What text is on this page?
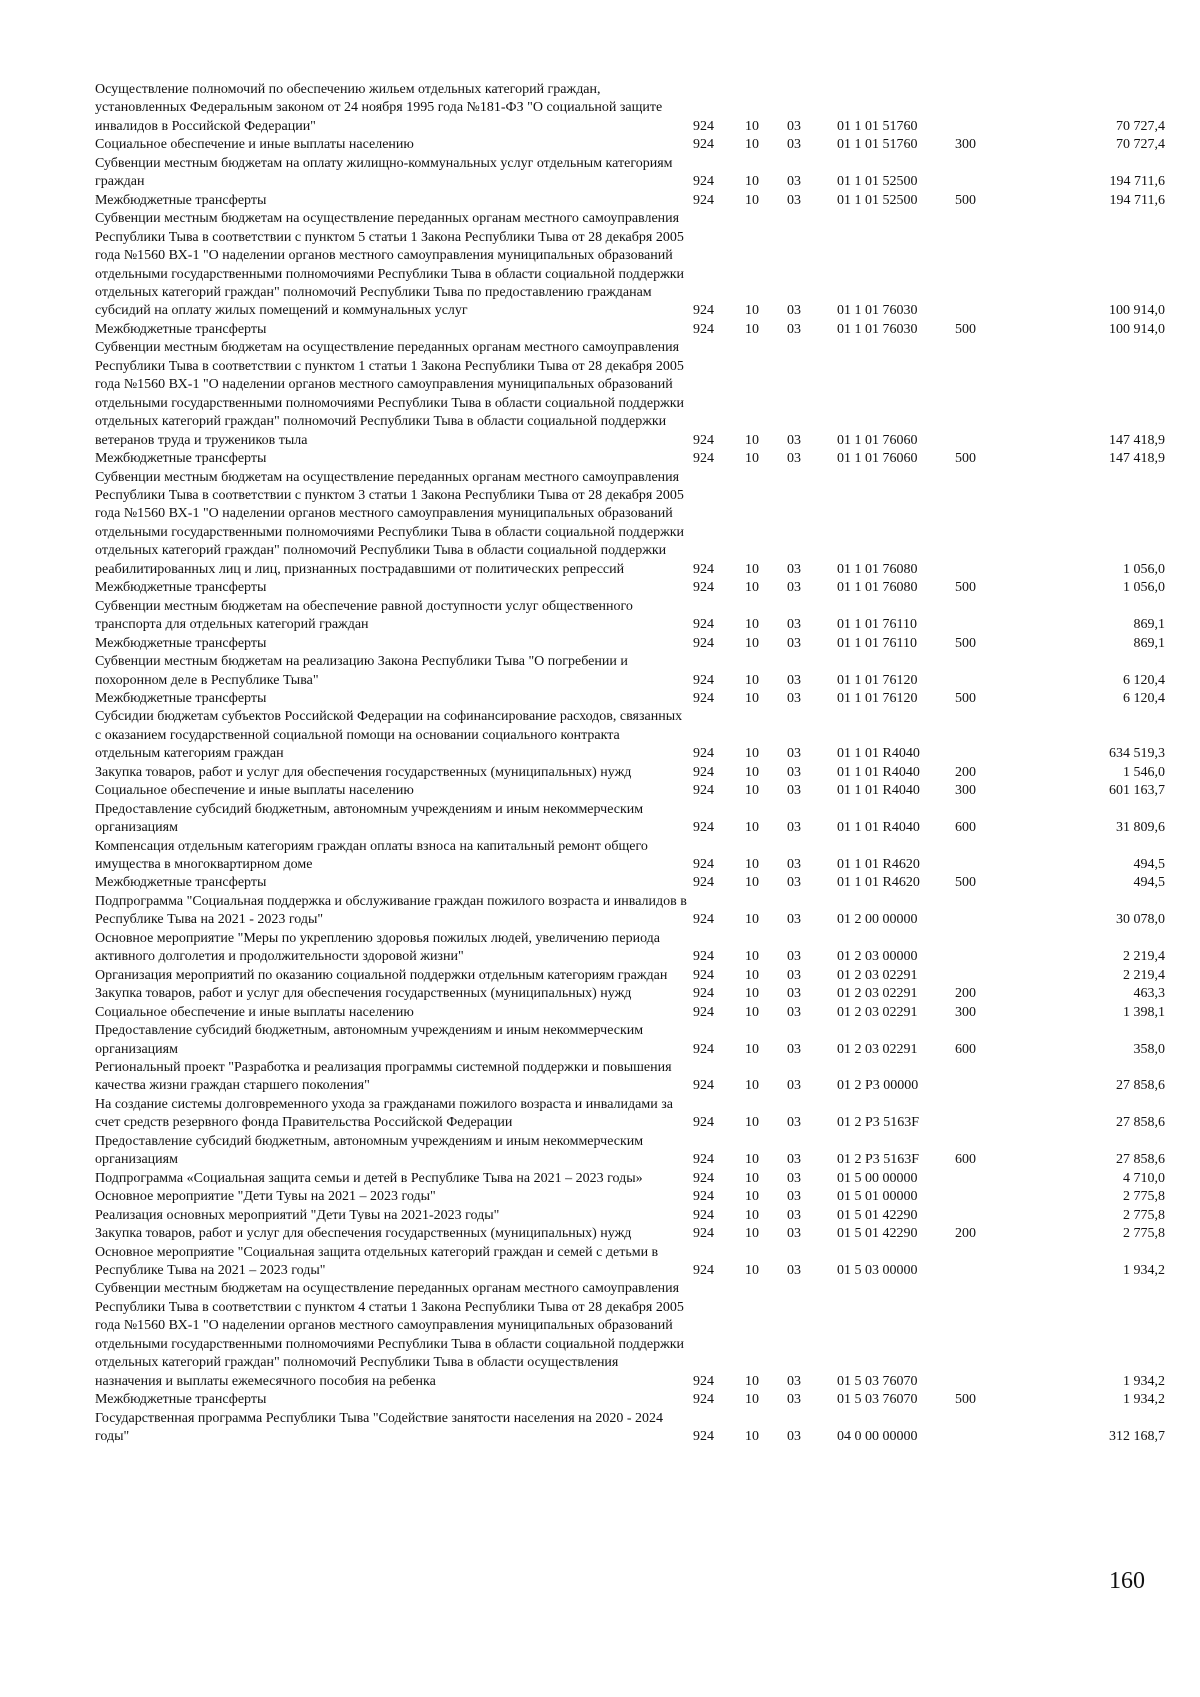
Осуществление полномочий по обеспечению жильем отдельных категорий граждан, установленных Федеральным законом от 24 ноября 1995 года №181-ФЗ "О социальной защите инвалидов в Российской Федерации"	924	10	03	01 1 01 51760		70 727,4
Социальное обеспечение и иные выплаты населению	924	10	03	01 1 01 51760	300	70 727,4
Субвенции местным бюджетам на оплату жилищно-коммунальных услуг отдельным категориям граждан	924	10	03	01 1 01 52500		194 711,6
Межбюджетные трансферты	924	10	03	01 1 01 52500	500	194 711,6
Субвенции местным бюджетам на осуществление переданных органам местного самоуправления Республики Тыва в соответствии с пунктом 5 статьи 1 Закона Республики Тыва от 28 декабря 2005 года №1560 ВХ-1 "О наделении органов местного самоуправления муниципальных образований отдельными государственными полномочиями Республики Тыва в области социальной поддержки отдельных категорий граждан" полномочий Республики Тыва по предоставлению гражданам субсидий на оплату жилых помещений и коммунальных услуг	924	10	03	01 1 01 76030		100 914,0
Межбюджетные трансферты	924	10	03	01 1 01 76030	500	100 914,0
Субвенции местным бюджетам на осуществление переданных органам местного самоуправления Республики Тыва в соответствии с пунктом 1 статьи 1 Закона Республики Тыва от 28 декабря 2005 года №1560 ВХ-1 "О наделении органов местного самоуправления муниципальных образований отдельными государственными полномочиями Республики Тыва в области социальной поддержки отдельных категорий граждан" полномочий Республики Тыва в области социальной поддержки ветеранов труда и тружеников тыла	924	10	03	01 1 01 76060		147 418,9
Межбюджетные трансферты	924	10	03	01 1 01 76060	500	147 418,9
Субвенции местным бюджетам на осуществление переданных органам местного самоуправления Республики Тыва в соответствии с пунктом 3 статьи 1 Закона Республики Тыва от 28 декабря 2005 года №1560 ВХ-1 "О наделении органов местного самоуправления муниципальных образований отдельными государственными полномочиями Республики Тыва в области социальной поддержки отдельных категорий граждан" полномочий Республики Тыва в области социальной поддержки реабилитированных лиц и лиц, признанных пострадавшими от политических репрессий	924	10	03	01 1 01 76080		1 056,0
Межбюджетные трансферты	924	10	03	01 1 01 76080	500	1 056,0
Субвенции местным бюджетам на обеспечение равной доступности услуг общественного транспорта для отдельных категорий граждан	924	10	03	01 1 01 76110		869,1
Межбюджетные трансферты	924	10	03	01 1 01 76110	500	869,1
Субвенции местным бюджетам на реализацию Закона Республики Тыва "О погребении и похоронном деле в Республике Тыва"	924	10	03	01 1 01 76120		6 120,4
Межбюджетные трансферты	924	10	03	01 1 01 76120	500	6 120,4
Субсидии бюджетам субъектов Российской Федерации на софинансирование расходов, связанных с оказанием государственной социальной помощи на основании социального контракта отдельным категориям граждан	924	10	03	01 1 01 R4040		634 519,3
Закупка товаров, работ и услуг для обеспечения государственных (муниципальных) нужд	924	10	03	01 1 01 R4040	200	1 546,0
Социальное обеспечение и иные выплаты населению	924	10	03	01 1 01 R4040	300	601 163,7
Предоставление субсидий бюджетным, автономным учреждениям и иным некоммерческим организациям	924	10	03	01 1 01 R4040	600	31 809,6
Компенсация отдельным категориям граждан оплаты взноса на капитальный ремонт общего имущества в многоквартирном доме	924	10	03	01 1 01 R4620		494,5
Межбюджетные трансферты	924	10	03	01 1 01 R4620	500	494,5
Подпрограмма "Социальная поддержка и обслуживание граждан пожилого возраста и инвалидов в Республике Тыва на 2021 - 2023 годы"	924	10	03	01 2 00 00000		30 078,0
Основное мероприятие "Меры по укреплению здоровья пожилых людей, увеличению периода активного долголетия и продолжительности здоровой жизни"	924	10	03	01 2 03 00000		2 219,4
Организация мероприятий по оказанию социальной поддержки отдельным категориям граждан	924	10	03	01 2 03 02291		2 219,4
Закупка товаров, работ и услуг для обеспечения государственных (муниципальных) нужд	924	10	03	01 2 03 02291	200	463,3
Социальное обеспечение и иные выплаты населению	924	10	03	01 2 03 02291	300	1 398,1
Предоставление субсидий бюджетным, автономным учреждениям и иным некоммерческим организациям	924	10	03	01 2 03 02291	600	358,0
Региональный проект "Разработка и реализация программы системной поддержки и повышения качества жизни граждан старшего поколения"	924	10	03	01 2 P3 00000		27 858,6
На создание системы долговременного ухода за гражданами пожилого возраста и инвалидами за счет средств резервного фонда Правительства Российской Федерации	924	10	03	01 2 P3 5163F		27 858,6
Предоставление субсидий бюджетным, автономным учреждениям и иным некоммерческим организациям	924	10	03	01 2 P3 5163F	600	27 858,6
Подпрограмма «Социальная защита семьи и детей в Республике Тыва на 2021 – 2023 годы»	924	10	03	01 5 00 00000		4 710,0
Основное мероприятие "Дети Тувы на 2021 – 2023 годы"	924	10	03	01 5 01 00000		2 775,8
Реализация основных мероприятий "Дети Тувы на 2021-2023 годы"	924	10	03	01 5 01 42290		2 775,8
Закупка товаров, работ и услуг для обеспечения государственных (муниципальных) нужд	924	10	03	01 5 01 42290	200	2 775,8
Основное мероприятие "Социальная защита отдельных категорий граждан и семей с детьми в Республике Тыва на 2021 – 2023 годы"	924	10	03	01 5 03 00000		1 934,2
Субвенции местным бюджетам на осуществление переданных органам местного самоуправления Республики Тыва в соответствии с пунктом 4 статьи 1 Закона Республики Тыва от 28 декабря 2005 года №1560 ВХ-1 "О наделении органов местного самоуправления муниципальных образований отдельными государственными полномочиями Республики Тыва в области социальной поддержки отдельных категорий граждан" полномочий Республики Тыва в области осуществления назначения и выплаты ежемесячного пособия на ребенка	924	10	03	01 5 03 76070		1 934,2
Межбюджетные трансферты	924	10	03	01 5 03 76070	500	1 934,2
Государственная программа Республики Тыва "Содействие занятости населения на 2020 - 2024 годы"	924	10	03	04 0 00 00000		312 168,7
160
